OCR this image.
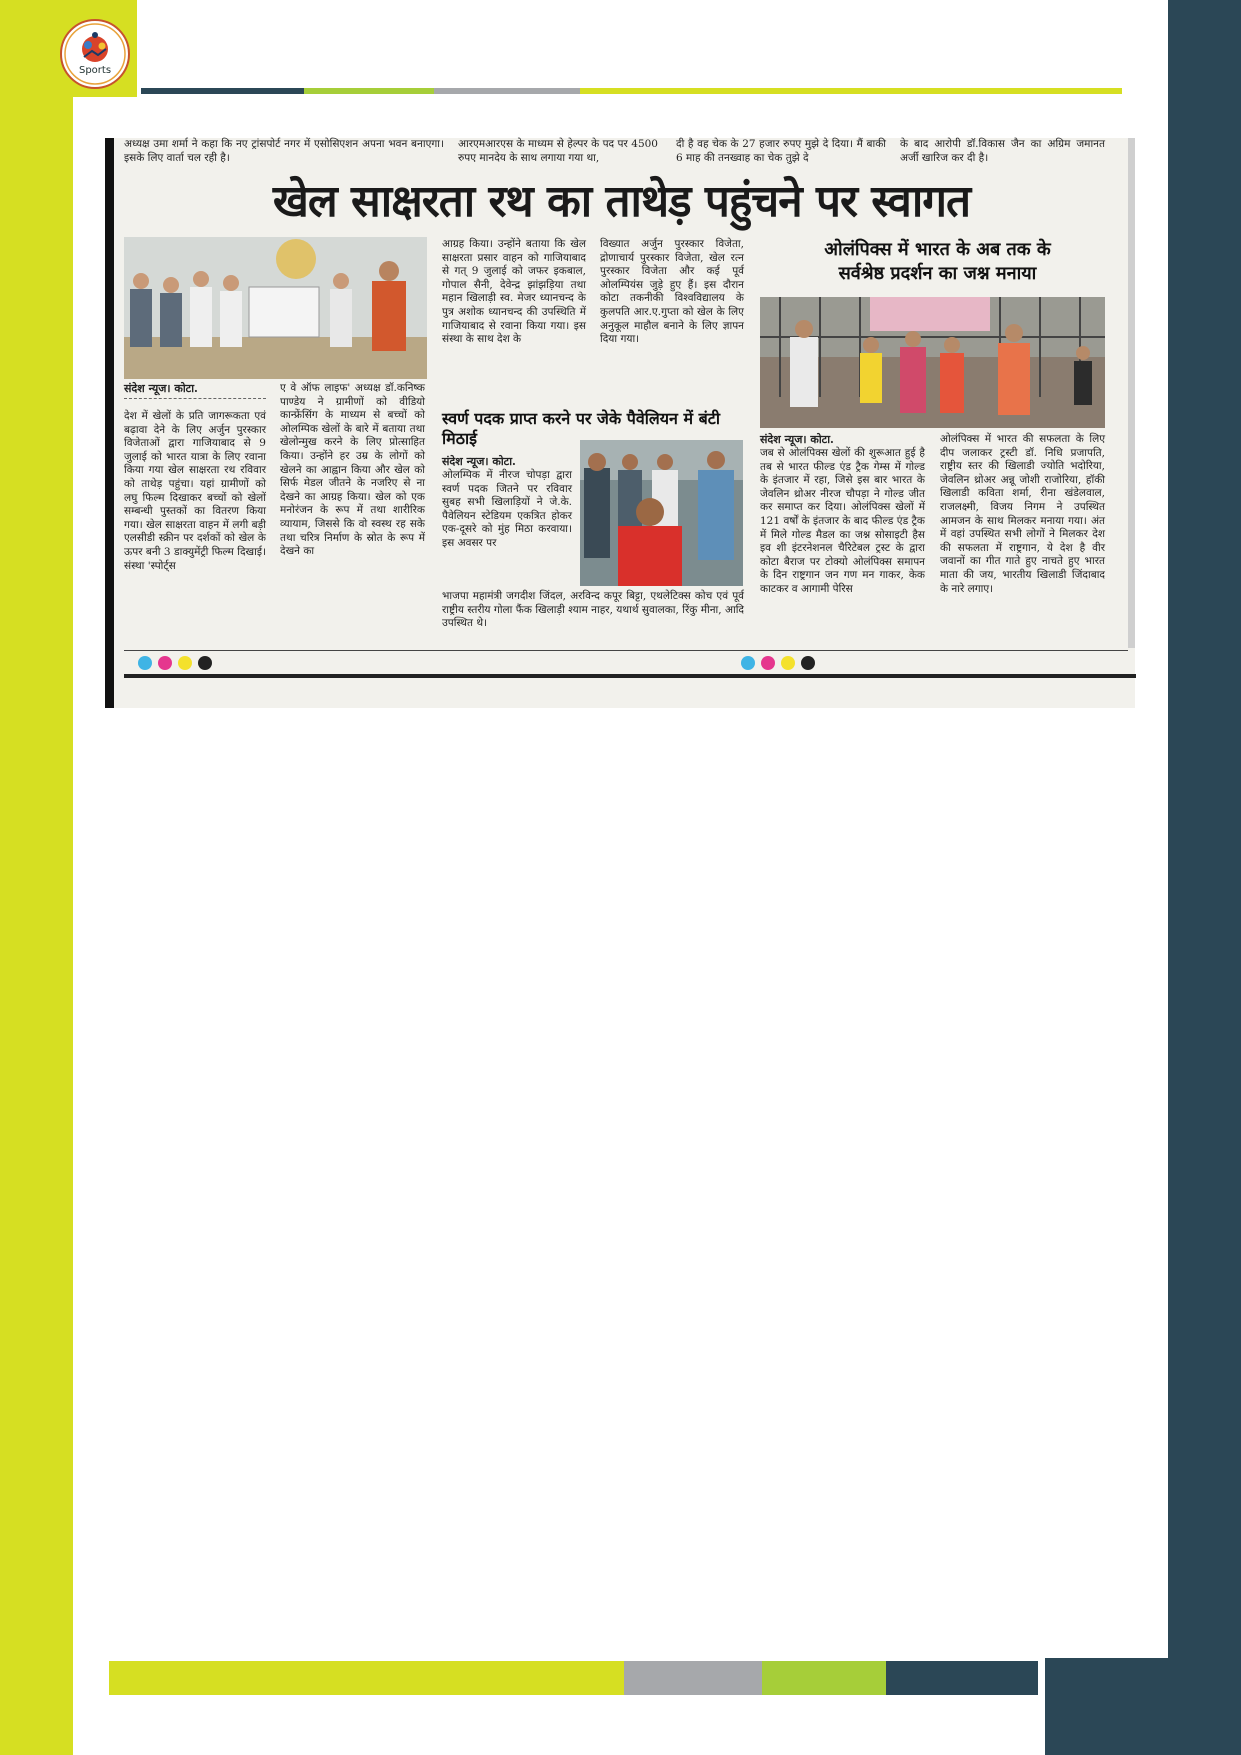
Sports

अध्यक्ष उमा शर्मा ने कहा कि नए ट्रांसपोर्ट नगर में एसोसिएशन अपना भवन बनाएगा। इसके लिए वार्ता चल रही है।

आरएमआरएस के माध्यम से हेल्पर के पद पर 4500 रुपए मानदेय के साथ लगाया गया था,

दी है वह चेक के 27 हजार रुपए मुझे दे दिया। मैं बाकी 6 माह की तनख्वाह का चेक तुझे दे

के बाद आरोपी डॉ.विकास जैन का अग्रिम जमानत अर्जी खारिज कर दी है।

खेल साक्षरता रथ का ताथेड़ पहुंचने पर स्वागत

संदेश न्यूज। कोटा.

देश में खेलों के प्रति जागरूकता एवं बढ़ावा देने के लिए अर्जुन पुरस्कार विजेताओं द्वारा गाजियाबाद से 9 जुलाई को भारत यात्रा के लिए रवाना किया गया खेल साक्षरता रथ रविवार को ताथेड़ पहुंचा। यहां ग्रामीणों को लघु फिल्म दिखाकर बच्चों को खेलों सम्बन्धी पुस्तकों का वितरण किया गया। खेल साक्षरता वाहन में लगी बड़ी एलसीडी स्क्रीन पर दर्शकों को खेल के ऊपर बनी 3 डाक्युमेंट्री फिल्म दिखाई। संस्था 'स्पोर्ट्स

ए वे ऑफ लाइफ' अध्यक्ष डॉ.कनिष्क पाण्डेय ने ग्रामीणों को वीडियो कान्फ्रेंसिंग के माध्यम से बच्चों को ओलम्पिक खेलों के बारे में बताया तथा खेलोन्मुख करने के लिए प्रोत्साहित किया। उन्होंने हर उम्र के लोगों को खेलने का आह्वान किया और खेल को सिर्फ मेडल जीतने के नजरिए से ना देखने का आग्रह किया। खेल को एक मनोरंजन के रूप में तथा शारीरिक व्यायाम, जिससे कि वो स्वस्थ रह सके तथा चरित्र निर्माण के स्रोत के रूप में देखने का

आग्रह किया। उन्होंने बताया कि खेल साक्षरता प्रसार वाहन को गाजियाबाद से गत् 9 जुलाई को जफर इकबाल, गोपाल सैनी, देवेन्द्र झांझड़िया तथा महान खिलाड़ी स्व. मेजर ध्यानचन्द के पुत्र अशोक ध्यानचन्द की उपस्थिति में गाजियाबाद से रवाना किया गया। इस संस्था के साथ देश के

विख्यात अर्जुन पुरस्कार विजेता, द्रोणाचार्य पुरस्कार विजेता, खेल रत्न पुरस्कार विजेता और कई पूर्व ओलम्पियंस जुड़े हुए हैं। इस दौरान कोटा तकनीकी विश्वविद्यालय के कुलपति आर.ए.गुप्ता को खेल के लिए अनुकूल माहौल बनाने के लिए ज्ञापन दिया गया।

स्वर्ण पदक प्राप्त करने पर जेके पैवेलियन में बंटी मिठाई

संदेश न्यूज। कोटा.

ओलम्पिक में नीरज चोपड़ा द्वारा स्वर्ण पदक जितने पर रविवार सुबह सभी खिलाड़ियों ने जे.के. पैवेलियन स्टेडियम एकत्रित होकर एक-दूसरे को मुंह मिठा करवाया। इस अवसर पर

भाजपा महामंत्री जगदीश जिंदल, अरविन्द कपूर बिट्टा, एथलेटिक्स कोच एवं पूर्व राष्ट्रीय स्तरीय गोला फैंक खिलाड़ी श्याम नाहर, यथार्थ सुवालका, रिंकु मीना, आदि उपस्थित थे।

ओलंपिक्स में भारत के अब तक के
सर्वश्रेष्ठ प्रदर्शन का जश्न मनाया

संदेश न्यूज। कोटा.

जब से ओलंपिक्स खेलों की शुरूआत हुई है तब से भारत फील्ड एंड ट्रैक गेम्स में गोल्ड के इंतजार में रहा, जिसे इस बार भारत के जेवलिन थ्रोअर नीरज चौपड़ा ने गोल्ड जीत कर समाप्त कर दिया। ओलंपिक्स खेलों में 121 वर्षों के इंतजार के बाद फील्ड एंड ट्रैक में मिले गोल्ड मैडल का जश्न सोसाइटी हैस इव शी इंटरनेशनल चैरिटेबल ट्रस्ट के द्वारा कोटा बैराज पर टोक्यो ओलंपिक्स समापन के दिन राष्ट्रगान जन गण मन गाकर, केक काटकर व आगामी पेरिस

ओलंपिक्स में भारत की सफलता के लिए दीप जलाकर ट्रस्टी डॉ. निधि प्रजापति, राष्ट्रीय स्तर की खिलाडी ज्योति भदोरिया, जेवलिन थ्रोअर अन्नू जोशी राजोरिया, हॉकी खिलाडी कविता शर्मा, रीना खंडेलवाल, राजलक्ष्मी, विजय निगम ने उपस्थित आमजन के साथ मिलकर मनाया गया। अंत में वहां उपस्थित सभी लोगों ने मिलकर देश की सफलता में राष्ट्रगान, ये देश है वीर जवानों का गीत गाते हुए नाचते हुए भारत माता की जय, भारतीय खिलाडी जिंदाबाद के नारे लगाए।
